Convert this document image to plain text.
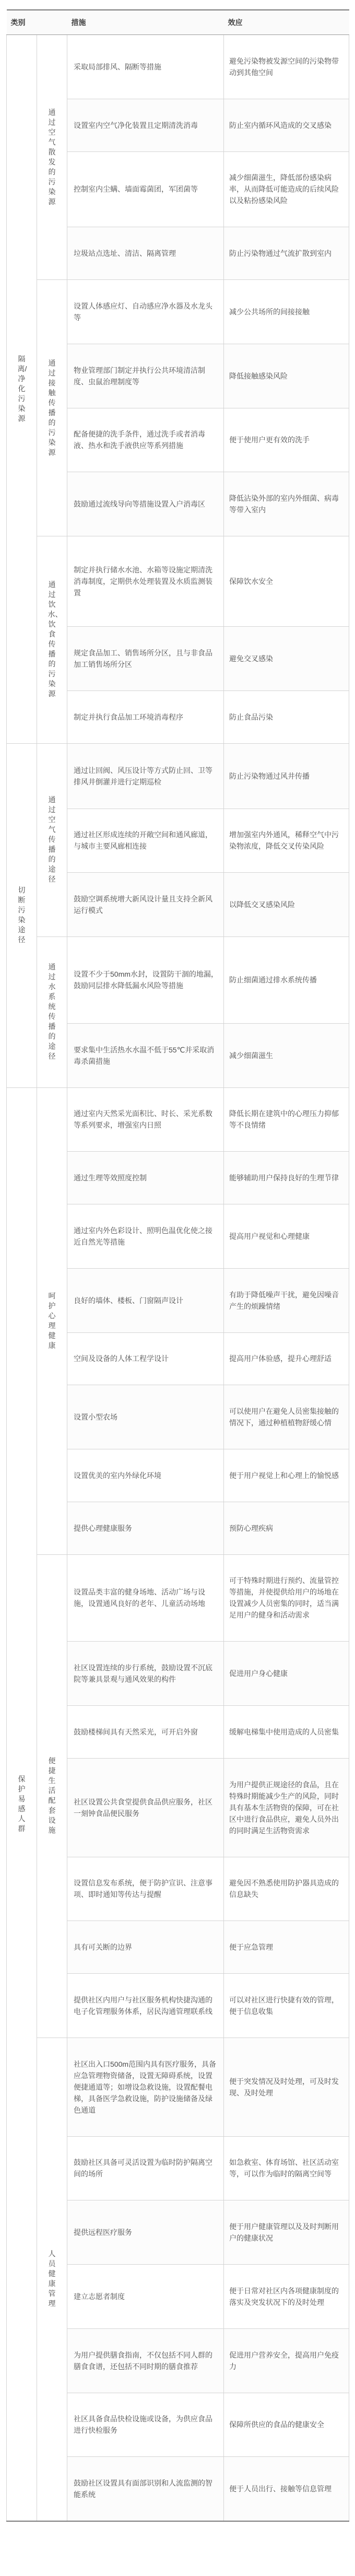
类别		措施	效应
隔离/净化污染源	通过空气散发的污染源	采取局部排风、隔断等措施	避免污染物被发源空间的污染物带动到其他空间
		设置室内空气净化装置且定期清洗消毒	防止室内循环风造成的交叉感染
		控制室内尘螨、墙面霉菌团，军团菌等	减少细菌滋生，降低部份感染病率，从而降低可能造成的后续风险以及粘扮感染风险
		垃圾站点选址、清洁、隔离管理	防止污染物通过气流扩散到室内
	通过接触传播的污染源	设置人体感应灯、自动感应净水器及水龙头等	减少公共场所的间接接触
		物业管理部门制定并执行公共环境清洁制度、虫鼠治理制度等	降低接触感染风险
		配备便捷的洗手条件，通过洗手或者消毒液、热水和洗手液供应等系列措施	便于使用户更有效的洗手
		鼓励通过流线导向等措施设置入户消毒区	降低沾染外部的室内外细菌、病毒等带入室内
	通过饮水、饮食传播的污染源	制定并执行储水水池、水箱等设施定期清洗消毒制度，定期供水处理装置及水质监测装置	保障饮水安全
		规定食品加工、销售场所分区，且与非食品加工销售场所分区	避免交叉感染
		制定并执行食品加工环境消毒程序	防止食品污染
切断污染途径	通过空气传播的途径	通过让回阀、风压设计等方式防止回、卫等排风井倒灌并进行定期巡检	防止污染物通过风井传播
		通过社区形成连续的开敞空间和通风廊道，与城市主要风廊相连接	增加强室内外通风，稀释空气中污染物浓度，降低交叉传染风险
		鼓励空调系统增大新风设计量且支持全新风运行模式	以降低交叉感染风险
	通过水系统传播的途径	设置不少于50mm水封，设置防干涸的地漏，鼓励同层排水降低漏水风险等措施	防止细菌通过排水系统传播
		要求集中生活热水水温不低于55℃并采取消毒杀菌措施	减少细菌滋生
保护易感人群	呵护心理健康	通过室内天然采光面积比、时长、采光系数等系列要求，增强室内日照	降低长期在建筑中的心理压力抑郁等不良情绪
		通过生理等效照度控制	能够辅助用户保持良好的生理节律
		通过室内外色彩设计、照明色温优化使之接近自然光等措施	提高用户视觉和心理健康
		良好的墙体、楼板、门窗隔声设计	有助于降低噪声干扰，避免因噪音产生的烦躁情绪
		空间及设备的人体工程学设计	提高用户体验感，提升心理舒适
		设置小型农场	可以使用户在避免人员密集接触的情况下，通过种植植物舒缓心情
		设置优美的室内外绿化环境	便于用户视觉上和心理上的愉悦感
		提供心理健康服务	预防心理疾病
	便捷生活配套设施	设置品类丰富的健身场地、活动广场与设施，设置通风良好的老年、儿童活动场地	可于特殊时期进行预约、流量管控等措施，并使提供给用户的场地在设置减少人员密集的同时，适当满足用户的健身和活动需求
		社区设置连续的步行系统，鼓励设置不沉底院等兼具景观与通风效果的构件	促进用户身心健康
		鼓励楼梯间具有天然采光，可开启外窗	缓解电梯集中使用造成的人员密集
		社区设置公共食堂提供食品供应服务，社区一刻钟食品便民服务	为用户提供正规途径的食品，且在特殊时期能减少生产的风险，同时具有基本生活物资的保障，可在社区中进行食品供应，避免人员外出的同时满足生活物资需求
		设置信息发布系统，便于防护宣识、注意事项、即时通知等传达与提醒	避免因不熟悉使用防护器具造成的信息缺失
		具有可关断的边界	便于应急管理
		提供社区内用户与社区服务机构快捷沟通的电子化管理服务体系，居民沟通管理联系线	可以对社区进行快捷有效的管理，便于信息收集
	人员健康管理	社区出入口500m范围内具有医疗服务，具备应急管理物资储备，设置无障碍系统，设置便捷通道等；如增设急救设施，设置配餐电梯，具备医学急救设施，防护设施储备及绿色通道	便于突发情况及时处理，可及时发现、及时处理
		鼓励社区具备可灵活设置为临时防护隔离空间的场所	如急救室、体育场馆、社区活动室等，可以作为临时的隔离空间等
		提供远程医疗服务	便于用户健康管理以及及时判断用户的健康状况
		建立志愿者制度	便于日常对社区内各项健康制度的落实及突发状况下的及时处理
		为用户提供膳食指南，不仅包括不同人群的膳食食谱，还包括不同时期的膳食推荐	促进用户营养安全，提高用户免疫力
		社区具备食品快检设施或设备，为供应食品进行快检服务	保障所供应的食品的健康安全
		鼓励社区设置具有面部识别和人流监测的智能系统	便于人员出行、接触等信息管理
